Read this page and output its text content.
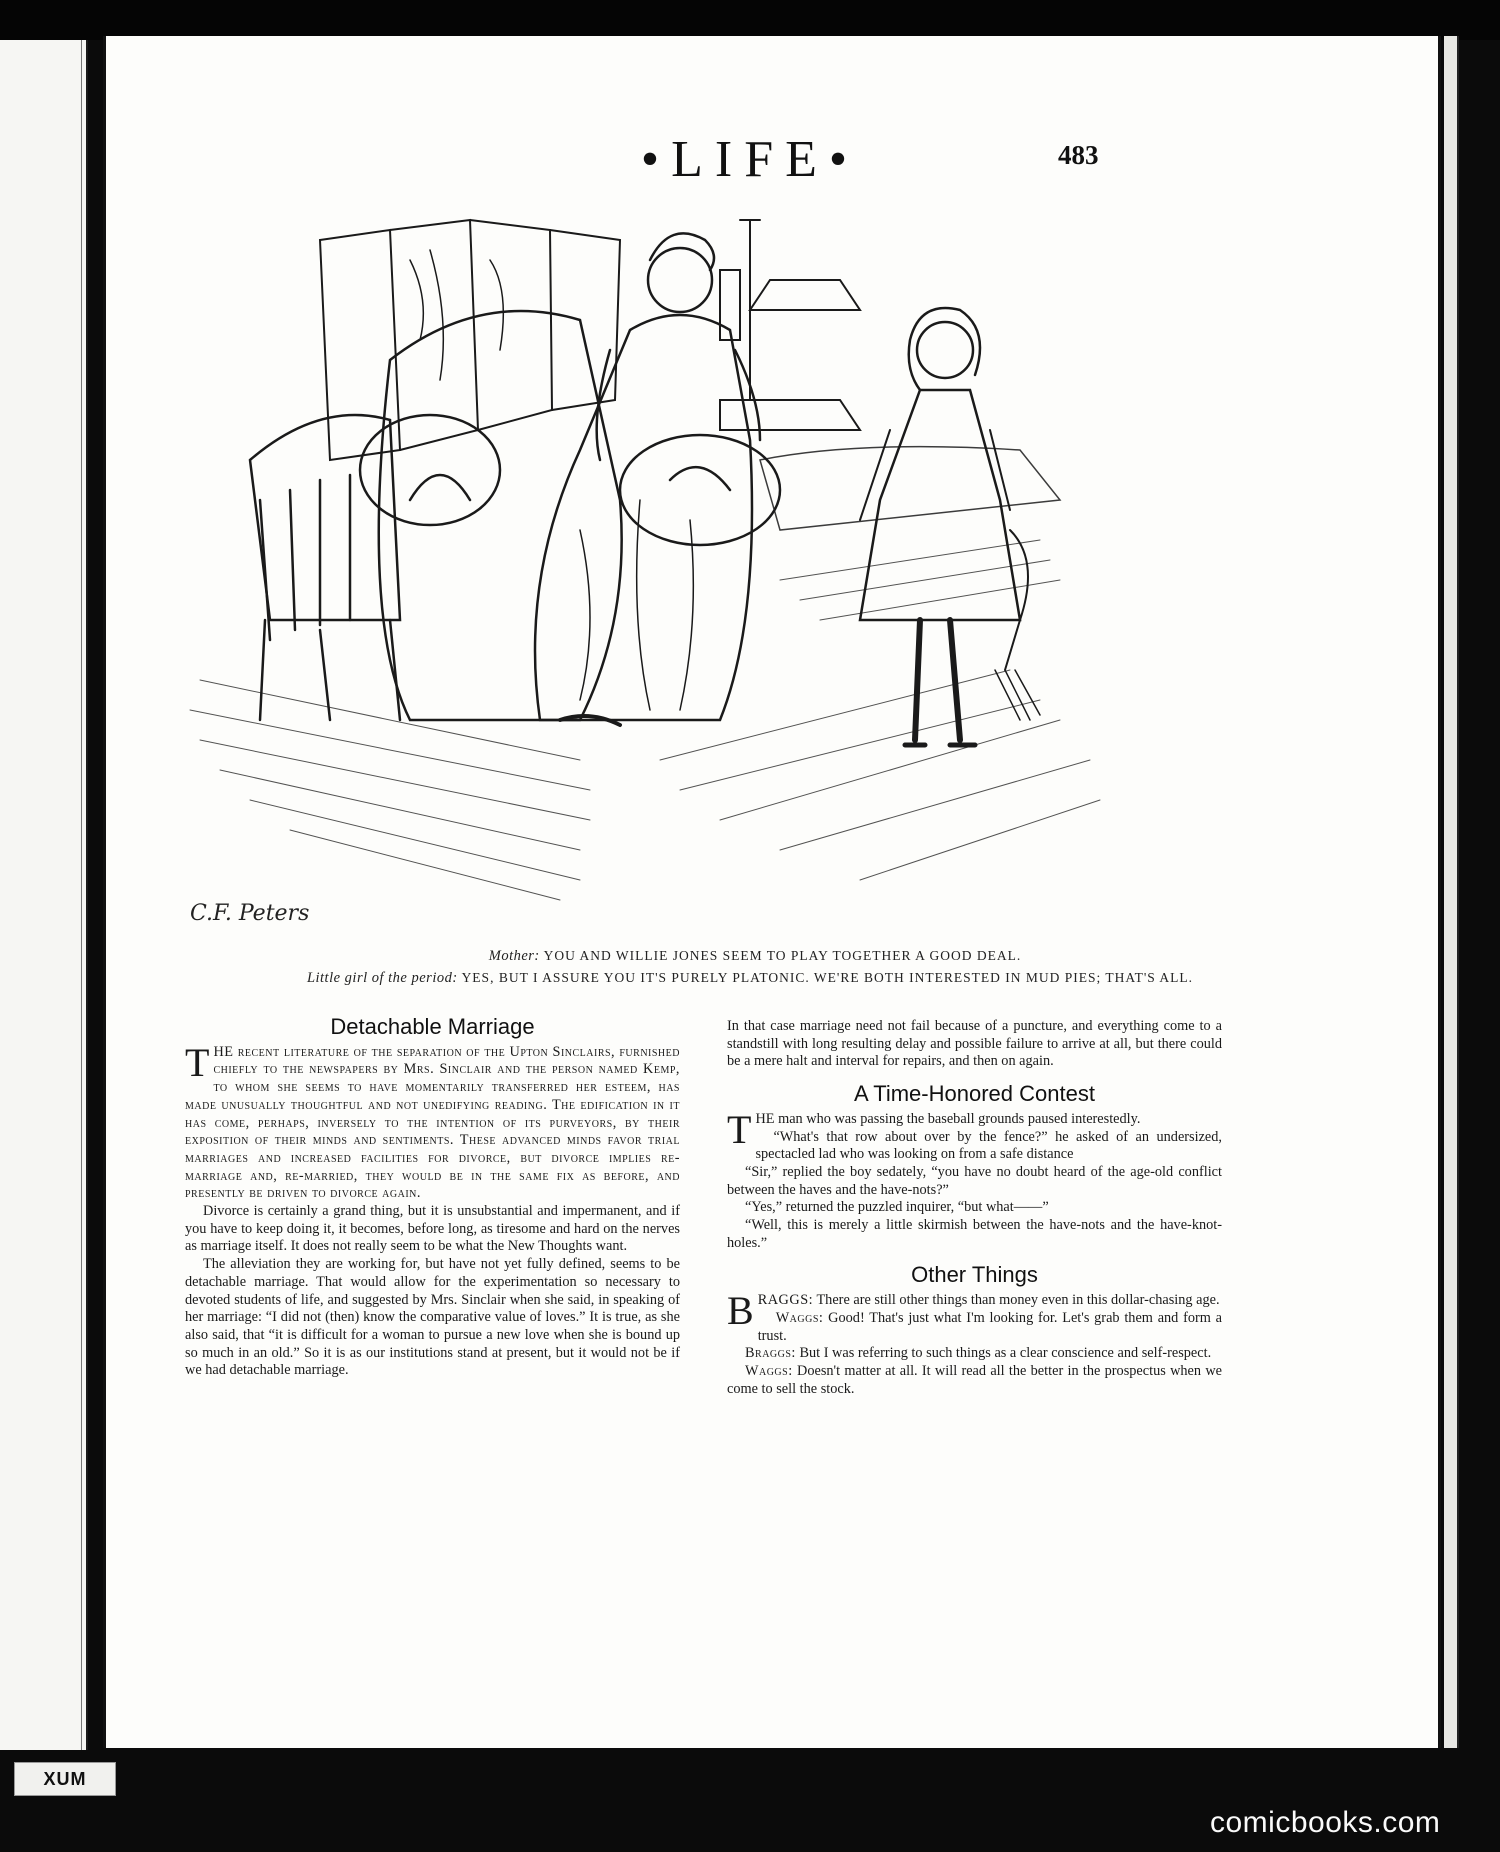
•LIFE•	483
C.F. Peters
Mother: YOU AND WILLIE JONES SEEM TO PLAY TOGETHER A GOOD DEAL.
Little girl of the period: YES, BUT I ASSURE YOU IT'S PURELY PLATONIC. WE'RE BOTH INTERESTED IN MUD PIES; THAT'S ALL.
Detachable Marriage

THE recent literature of the separation of the Upton Sinclairs, furnished chiefly to the newspapers by Mrs. Sinclair and the person named Kemp, to whom she seems to have momentarily transferred her esteem, has made unusually thoughtful and not unedifying reading. The edification in it has come, perhaps, inversely to the intention of its purveyors, by their exposition of their minds and sentiments. These advanced minds favor trial marriages and increased facilities for divorce, but divorce implies re-marriage and, re-married, they would be in the same fix as before, and presently be driven to divorce again.

Divorce is certainly a grand thing, but it is unsubstantial and impermanent, and if you have to keep doing it, it becomes, before long, as tiresome and hard on the nerves as marriage itself. It does not really seem to be what the New Thoughts want.

The alleviation they are working for, but have not yet fully defined, seems to be detachable marriage. That would allow for the experimentation so necessary to devoted students of life, and suggested by Mrs. Sinclair when she said, in speaking of her marriage: “I did not (then) know the comparative value of loves.” It is true, as she also said, that “it is difficult for a woman to pursue a new love when she is bound up so much in an old.” So it is as our institutions stand at present, but it would not be if we had detachable marriage.

In that case marriage need not fail because of a puncture, and everything come to a standstill with long resulting delay and possible failure to arrive at all, but there could be a mere halt and interval for repairs, and then on again.

A Time-Honored Contest

THE man who was passing the baseball grounds paused interestedly.

“What's that row about over by the fence?” he asked of an undersized, spectacled lad who was looking on from a safe distance

“Sir,” replied the boy sedately, “you have no doubt heard of the age-old conflict between the haves and the have-nots?”

“Yes,” returned the puzzled inquirer, “but what——”

“Well, this is merely a little skirmish between the have-nots and the have-knot-holes.”

Other Things

BRAGGS: There are still other things than money even in this dollar-chasing age.

Waggs: Good! That's just what I'm looking for. Let's grab them and form a trust.

Braggs: But I was referring to such things as a clear conscience and self-respect.

Waggs: Doesn't matter at all. It will read all the better in the prospectus when we come to sell the stock.

XUM
comicbooks.com
